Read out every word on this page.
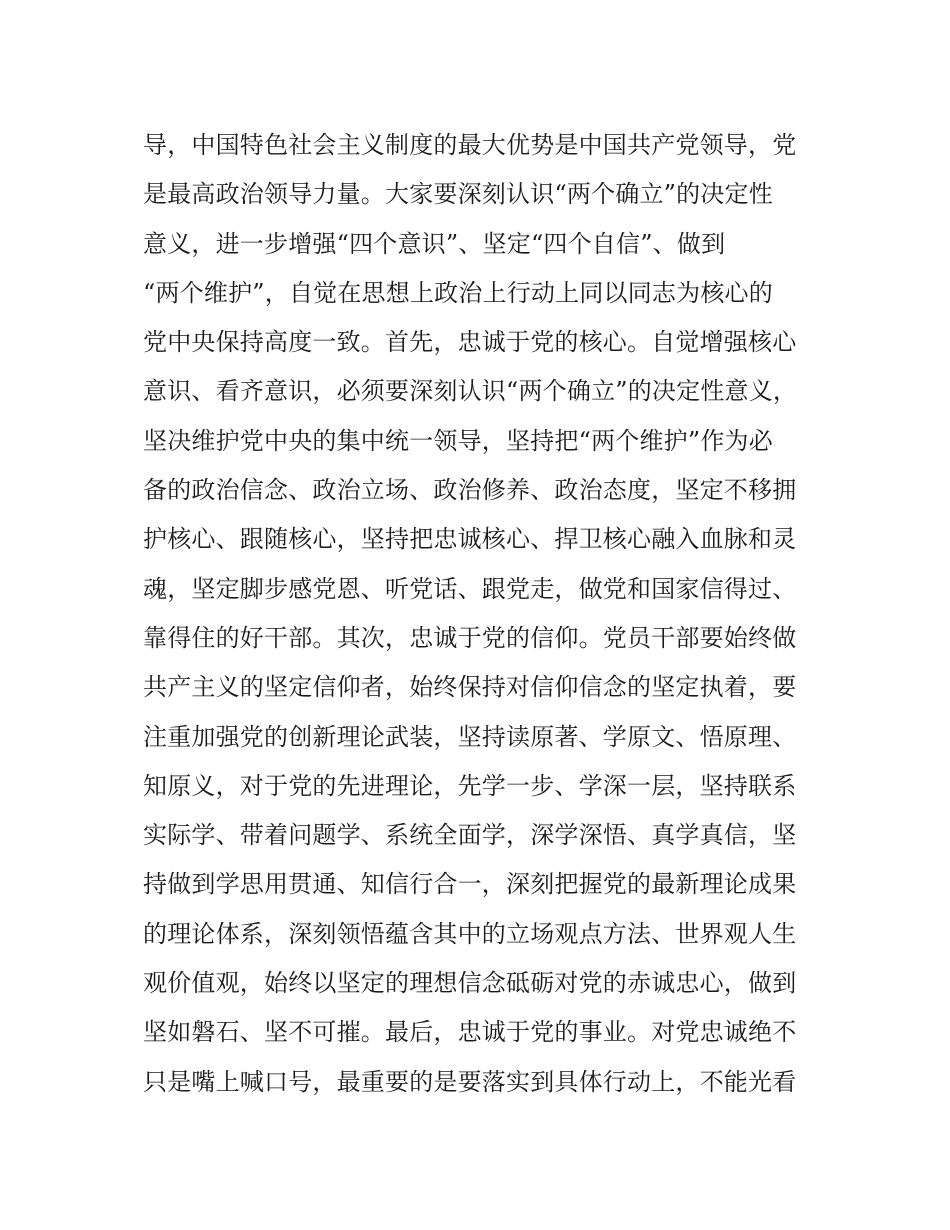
导，中国特色社会主义制度的最大优势是中国共产党领导，党
是最高政治领导力量。大家要深刻认识“两个确立”的决定性
意义，进一步增强“四个意识”、坚定“四个自信”、做到
“两个维护”，自觉在思想上政治上行动上同以同志为核心的
党中央保持高度一致。首先，忠诚于党的核心。自觉增强核心
意识、看齐意识，必须要深刻认识“两个确立”的决定性意义，
坚决维护党中央的集中统一领导，坚持把“两个维护”作为必
备的政治信念、政治立场、政治修养、政治态度，坚定不移拥
护核心、跟随核心，坚持把忠诚核心、捍卫核心融入血脉和灵
魂，坚定脚步感党恩、听党话、跟党走，做党和国家信得过、
靠得住的好干部。其次，忠诚于党的信仰。党员干部要始终做
共产主义的坚定信仰者，始终保持对信仰信念的坚定执着，要
注重加强党的创新理论武装，坚持读原著、学原文、悟原理、
知原义，对于党的先进理论，先学一步、学深一层，坚持联系
实际学、带着问题学、系统全面学，深学深悟、真学真信，坚
持做到学思用贯通、知信行合一，深刻把握党的最新理论成果
的理论体系，深刻领悟蕴含其中的立场观点方法、世界观人生
观价值观，始终以坚定的理想信念砥砺对党的赤诚忠心，做到
坚如磐石、坚不可摧。最后，忠诚于党的事业。对党忠诚绝不
只是嘴上喊口号，最重要的是要落实到具体行动上，不能光看
